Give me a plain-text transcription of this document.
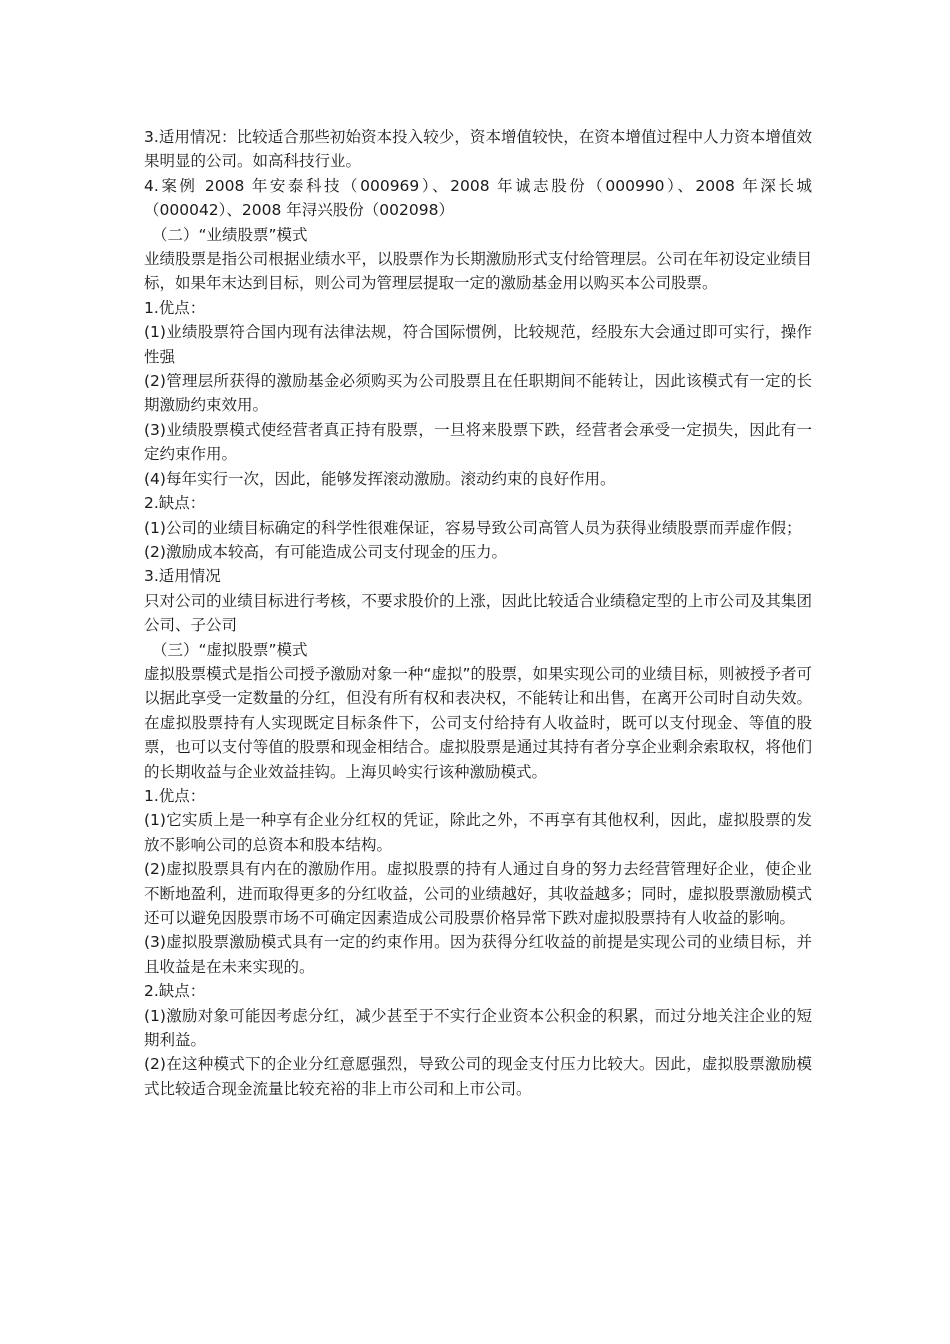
3.适用情况：比较适合那些初始资本投入较少，资本增值较快，在资本增值过程中人力资本增值效果明显的公司。如高科技行业。

4.案例 2008 年安泰科技（000969）、2008 年诚志股份（000990）、2008 年深长城（000042）、2008 年浔兴股份（002098）

（二）“业绩股票”模式

业绩股票是指公司根据业绩水平，以股票作为长期激励形式支付给管理层。公司在年初设定业绩目标，如果年末达到目标，则公司为管理层提取一定的激励基金用以购买本公司股票。

1.优点：

(1)业绩股票符合国内现有法律法规，符合国际惯例，比较规范，经股东大会通过即可实行，操作性强

(2)管理层所获得的激励基金必须购买为公司股票且在任职期间不能转让，因此该模式有一定的长期激励约束效用。

(3)业绩股票模式使经营者真正持有股票，一旦将来股票下跌，经营者会承受一定损失，因此有一定约束作用。

(4)每年实行一次，因此，能够发挥滚动激励。滚动约束的良好作用。

2.缺点：

(1)公司的业绩目标确定的科学性很难保证，容易导致公司高管人员为获得业绩股票而弄虚作假；

(2)激励成本较高，有可能造成公司支付现金的压力。

3.适用情况

只对公司的业绩目标进行考核，不要求股价的上涨，因此比较适合业绩稳定型的上市公司及其集团公司、子公司

（三）“虚拟股票”模式

虚拟股票模式是指公司授予激励对象一种“虚拟”的股票，如果实现公司的业绩目标，则被授予者可以据此享受一定数量的分红，但没有所有权和表决权，不能转让和出售，在离开公司时自动失效。在虚拟股票持有人实现既定目标条件下，公司支付给持有人收益时，既可以支付现金、等值的股票，也可以支付等值的股票和现金相结合。虚拟股票是通过其持有者分享企业剩余索取权，将他们的长期收益与企业效益挂钩。上海贝岭实行该种激励模式。

1.优点：

(1)它实质上是一种享有企业分红权的凭证，除此之外，不再享有其他权利，因此，虚拟股票的发放不影响公司的总资本和股本结构。

(2)虚拟股票具有内在的激励作用。虚拟股票的持有人通过自身的努力去经营管理好企业，使企业不断地盈利，进而取得更多的分红收益，公司的业绩越好，其收益越多；同时，虚拟股票激励模式还可以避免因股票市场不可确定因素造成公司股票价格异常下跌对虚拟股票持有人收益的影响。

(3)虚拟股票激励模式具有一定的约束作用。因为获得分红收益的前提是实现公司的业绩目标，并且收益是在未来实现的。

2.缺点：

(1)激励对象可能因考虑分红，减少甚至于不实行企业资本公积金的积累，而过分地关注企业的短期利益。

(2)在这种模式下的企业分红意愿强烈，导致公司的现金支付压力比较大。因此，虚拟股票激励模式比较适合现金流量比较充裕的非上市公司和上市公司。
